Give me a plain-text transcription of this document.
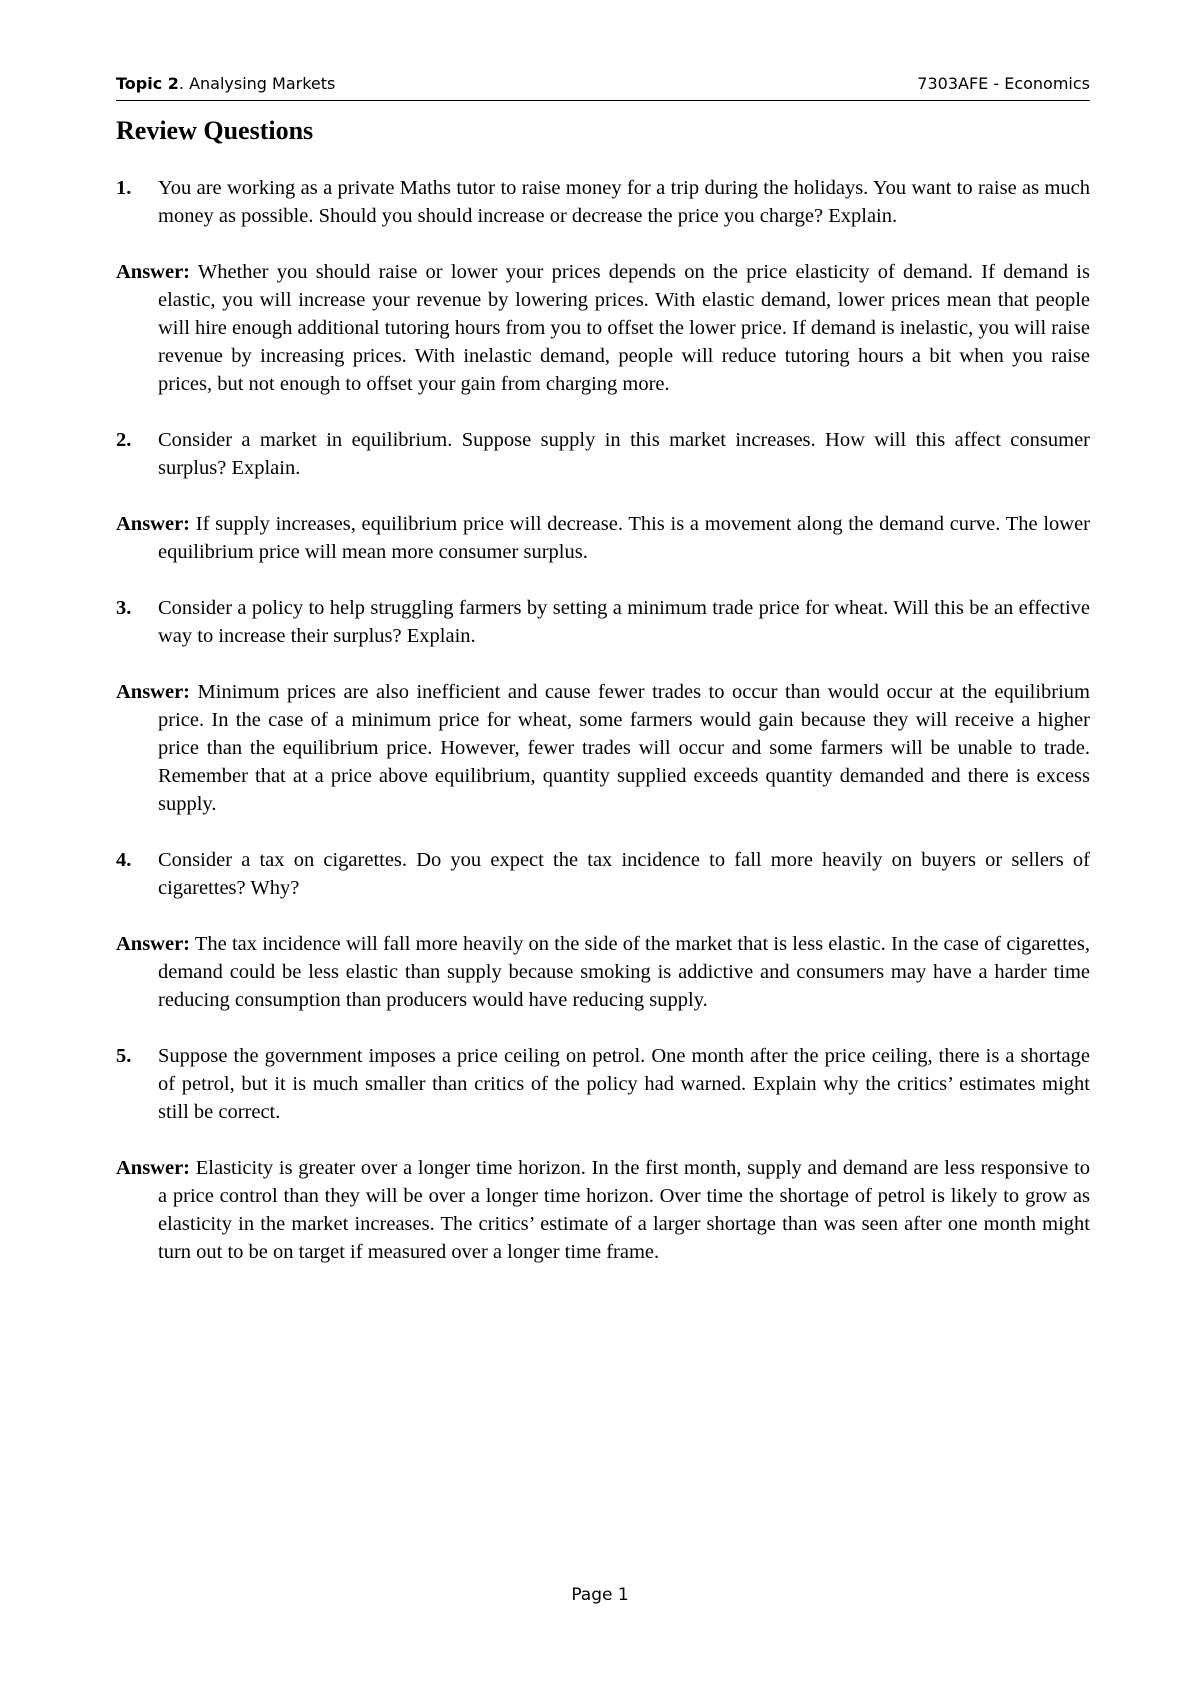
Topic 2. Analysing Markets	7303AFE - Economics
Review Questions
1. You are working as a private Maths tutor to raise money for a trip during the holidays. You want to raise as much money as possible. Should you should increase or decrease the price you charge? Explain.
Answer: Whether you should raise or lower your prices depends on the price elasticity of demand. If demand is elastic, you will increase your revenue by lowering prices. With elastic demand, lower prices mean that people will hire enough additional tutoring hours from you to offset the lower price. If demand is inelastic, you will raise revenue by increasing prices. With inelastic demand, people will reduce tutoring hours a bit when you raise prices, but not enough to offset your gain from charging more.
2. Consider a market in equilibrium. Suppose supply in this market increases. How will this affect consumer surplus? Explain.
Answer: If supply increases, equilibrium price will decrease. This is a movement along the demand curve. The lower equilibrium price will mean more consumer surplus.
3. Consider a policy to help struggling farmers by setting a minimum trade price for wheat. Will this be an effective way to increase their surplus? Explain.
Answer: Minimum prices are also inefficient and cause fewer trades to occur than would occur at the equilibrium price. In the case of a minimum price for wheat, some farmers would gain because they will receive a higher price than the equilibrium price. However, fewer trades will occur and some farmers will be unable to trade. Remember that at a price above equilibrium, quantity supplied exceeds quantity demanded and there is excess supply.
4. Consider a tax on cigarettes. Do you expect the tax incidence to fall more heavily on buyers or sellers of cigarettes? Why?
Answer: The tax incidence will fall more heavily on the side of the market that is less elastic. In the case of cigarettes, demand could be less elastic than supply because smoking is addictive and consumers may have a harder time reducing consumption than producers would have reducing supply.
5. Suppose the government imposes a price ceiling on petrol. One month after the price ceiling, there is a shortage of petrol, but it is much smaller than critics of the policy had warned. Explain why the critics’ estimates might still be correct.
Answer: Elasticity is greater over a longer time horizon. In the first month, supply and demand are less responsive to a price control than they will be over a longer time horizon. Over time the shortage of petrol is likely to grow as elasticity in the market increases. The critics’ estimate of a larger shortage than was seen after one month might turn out to be on target if measured over a longer time frame.
Page 1
